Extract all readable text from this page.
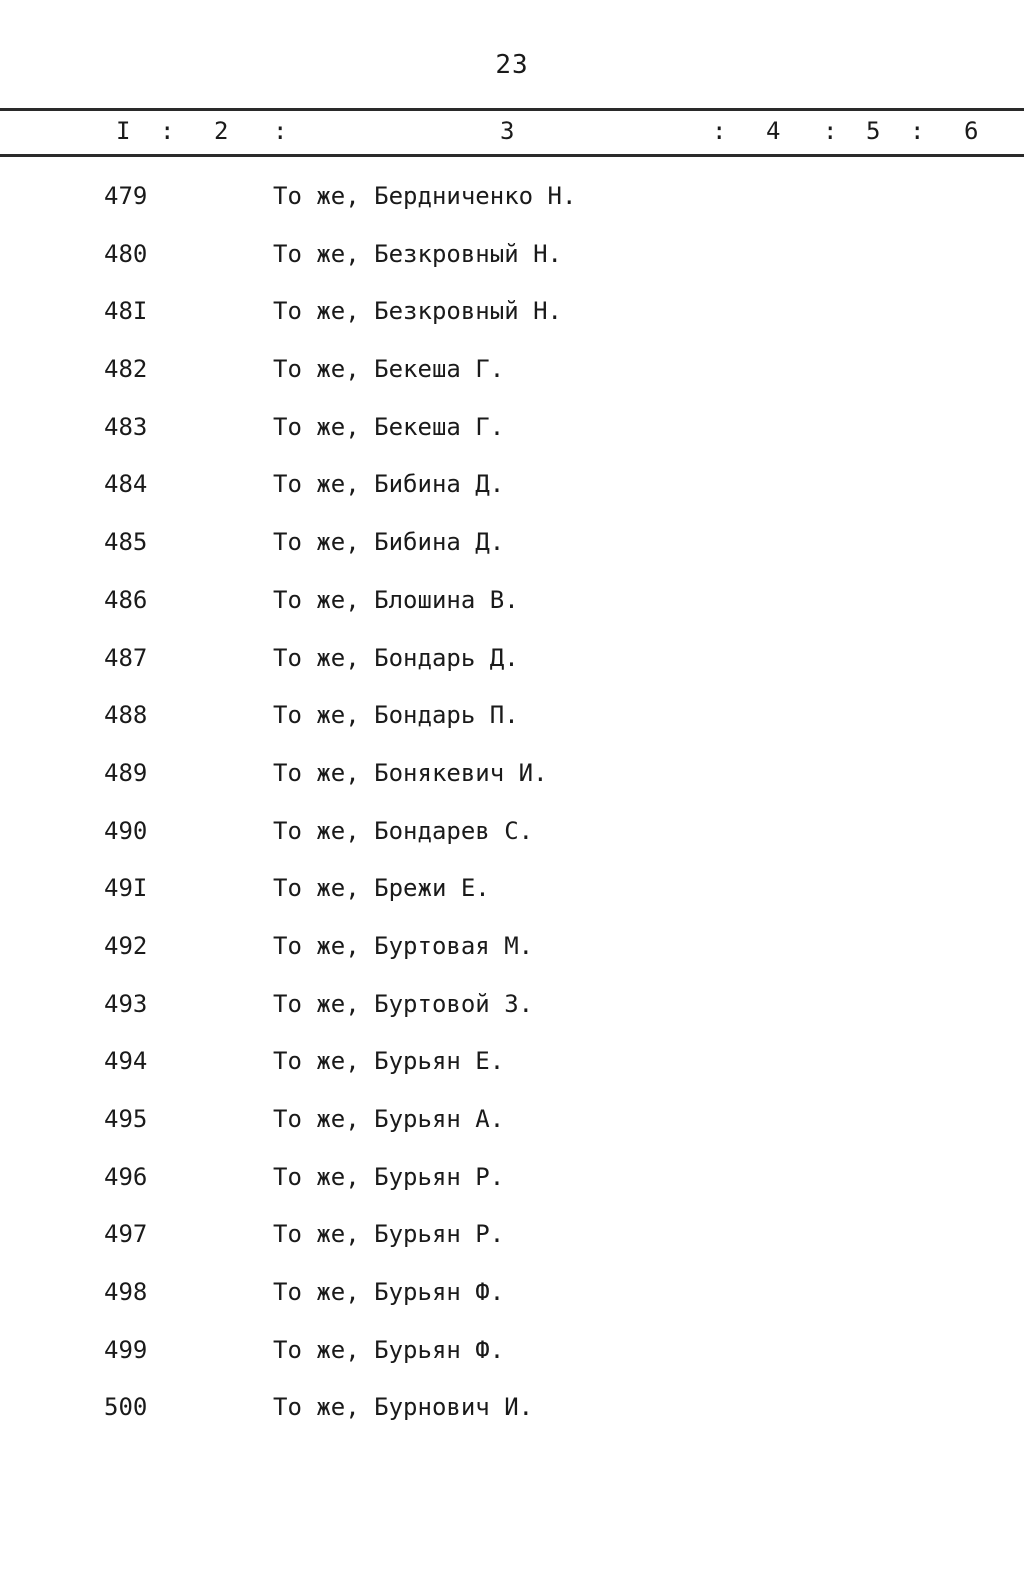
23
I : 2 :	3	: 4 : 5 : 6
479	То же, Бердниченко Н.
480	То же, Безкровный Н.
48I	То же, Безкровный Н.
482	То же, Бекеша Г.
483	То же, Бекеша Г.
484	То же, Бибина Д.
485	То же, Бибина Д.
486	То же, Блошина В.
487	То же, Бондарь Д.
488	То же, Бондарь П.
489	То же, Бонякевич И.
490	То же, Бондарев С.
49I	То же, Брежи Е.
492	То же, Буртовая М.
493	То же, Буртовой З.
494	То же, Бурьян Е.
495	То же, Бурьян А.
496	То же, Бурьян Р.
497	То же, Бурьян Р.
498	То же, Бурьян Ф.
499	То же, Бурьян Ф.
500	То же, Бурнович И.
